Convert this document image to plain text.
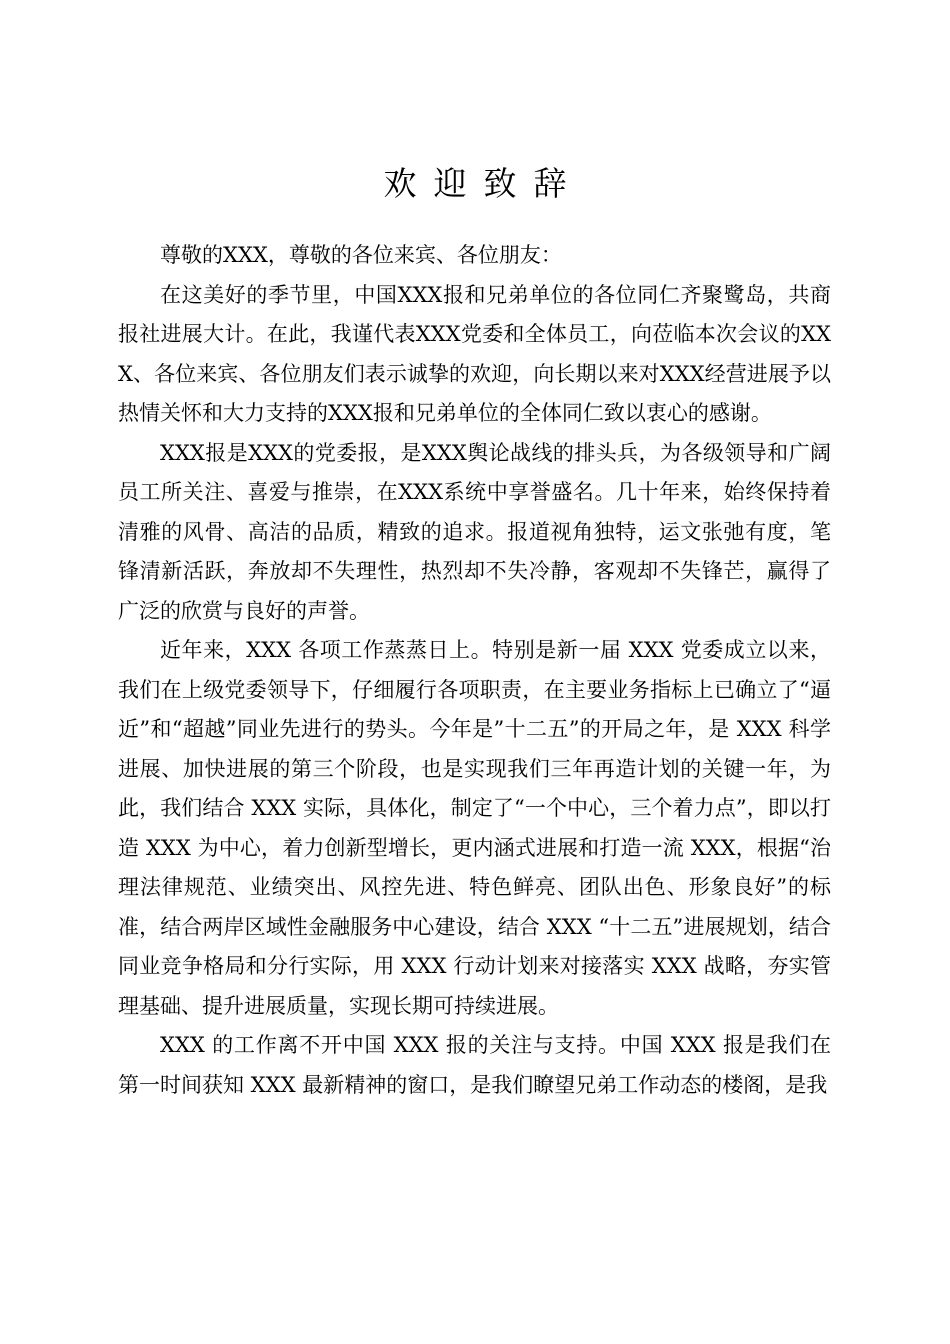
欢迎致辞

尊敬的XXX，尊敬的各位来宾、各位朋友：

在这美好的季节里，中国XXX报和兄弟单位的各位同仁齐聚鹭岛，共商报社进展大计。在此，我谨代表XXX党委和全体员工，向莅临本次会议的XXX、各位来宾、各位朋友们表示诚挚的欢迎，向长期以来对XXX经营进展予以热情关怀和大力支持的XXX报和兄弟单位的全体同仁致以衷心的感谢。

XXX报是XXX的党委报，是XXX舆论战线的排头兵，为各级领导和广阔员工所关注、喜爱与推崇，在XXX系统中享誉盛名。几十年来，始终保持着清雅的风骨、高洁的品质，精致的追求。报道视角独特，运文张弛有度，笔锋清新活跃，奔放却不失理性，热烈却不失冷静，客观却不失锋芒，赢得了广泛的欣赏与良好的声誉。

近年来，XXX 各项工作蒸蒸日上。特别是新一届 XXX 党委成立以来，我们在上级党委领导下，仔细履行各项职责，在主要业务指标上已确立了“逼近”和“超越”同业先进行的势头。今年是”十二五”的开局之年，是 XXX 科学进展、加快进展的第三个阶段，也是实现我们三年再造计划的关键一年，为此，我们结合 XXX 实际，具体化，制定了“一个中心，三个着力点”，即以打造 XXX 为中心，着力创新型增长，更内涵式进展和打造一流 XXX，根据“治理法律规范、业绩突出、风控先进、特色鲜亮、团队出色、形象良好”的标准，结合两岸区域性金融服务中心建设，结合 XXX “十二五”进展规划，结合同业竞争格局和分行实际，用 XXX 行动计划来对接落实 XXX 战略，夯实管理基础、提升进展质量，实现长期可持续进展。

XXX 的工作离不开中国 XXX 报的关注与支持。中国 XXX 报是我们在第一时间获知 XXX 最新精神的窗口，是我们瞭望兄弟工作动态的楼阁，是我
